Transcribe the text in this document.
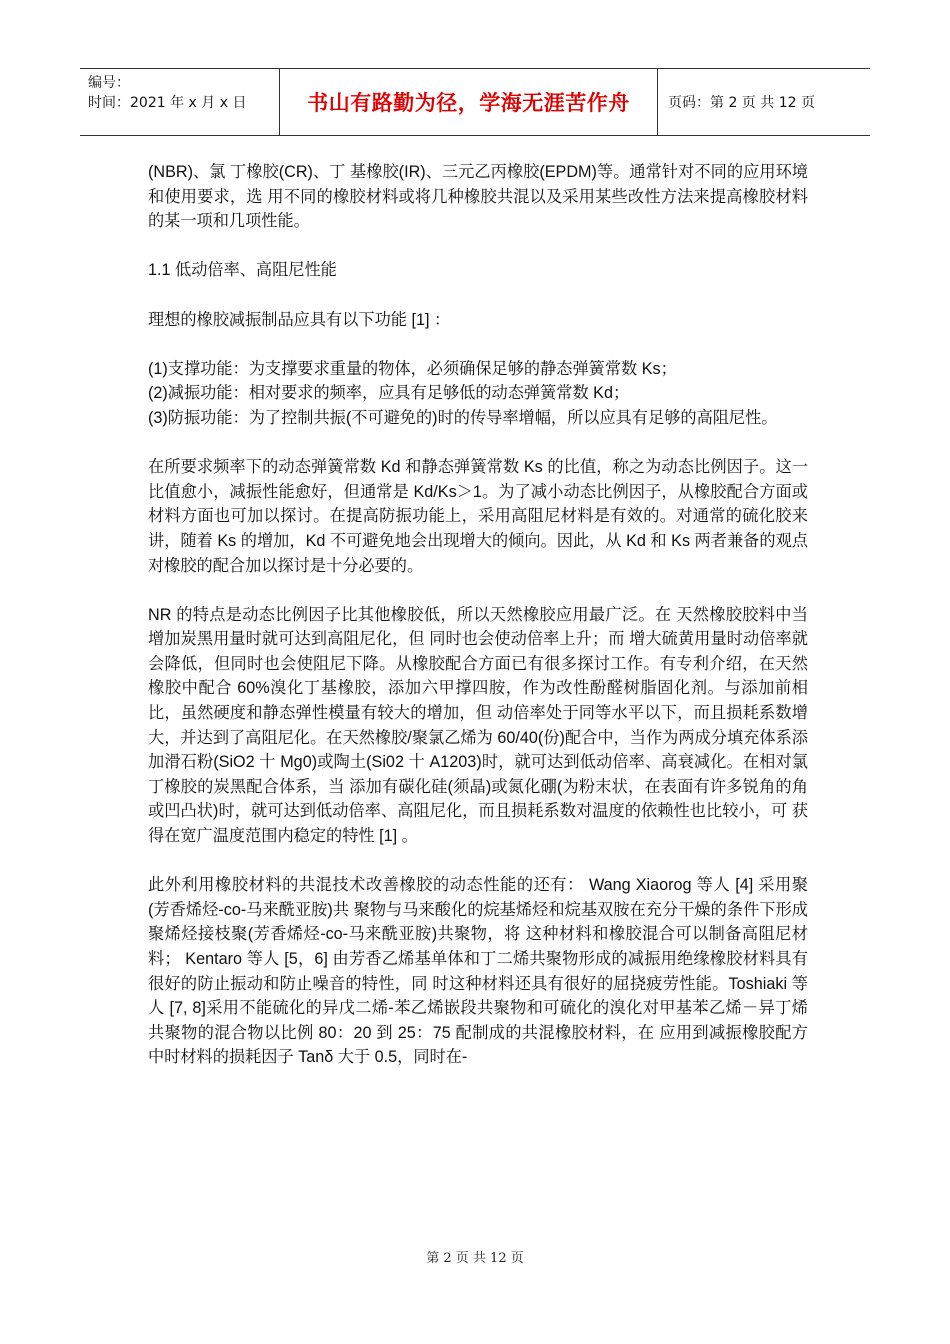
编号：
时间：2021 年 x 月 x 日	书山有路勤为径，学海无涯苦作舟	页码：第 2 页 共 12 页

(NBR)、氯 丁橡胶(CR)、丁 基橡胶(IR)、三元乙丙橡胶(EPDM)等。通常针对不同的应用环境和使用要求，选 用不同的橡胶材料或将几种橡胶共混以及采用某些改性方法来提高橡胶材料的某一项和几项性能。

1.1 低动倍率、高阻尼性能

理想的橡胶减振制品应具有以下功能 [1] ：

(1)支撑功能：为支撑要求重量的物体，必须确保足够的静态弹簧常数 Ks；

(2)减振功能：相对要求的频率，应具有足够低的动态弹簧常数 Kd；

(3)防振功能：为了控制共振(不可避免的)时的传导率增幅，所以应具有足够的高阻尼性。

在所要求频率下的动态弹簧常数 Kd 和静态弹簧常数 Ks 的比值，称之为动态比例因子。这一比值愈小，减振性能愈好，但通常是 Kd/Ks＞1。为了减小动态比例因子，从橡胶配合方面或材料方面也可加以探讨。在提高防振功能上，采用高阻尼材料是有效的。对通常的硫化胶来讲，随着 Ks 的增加，Kd 不可避免地会出现增大的倾向。因此，从 Kd 和 Ks 两者兼备的观点对橡胶的配合加以探讨是十分必要的。

NR 的特点是动态比例因子比其他橡胶低，所以天然橡胶应用最广泛。在 天然橡胶胶料中当增加炭黑用量时就可达到高阻尼化，但 同时也会使动倍率上升；而 增大硫黄用量时动倍率就会降低，但同时也会使阻尼下降。从橡胶配合方面已有很多探讨工作。有专利介绍，在天然橡胶中配合 60%溴化丁基橡胶，添加六甲撑四胺，作为改性酚醛树脂固化剂。与添加前相比，虽然硬度和静态弹性模量有较大的增加，但 动倍率处于同等水平以下，而且损耗系数增大，并达到了高阻尼化。在天然橡胶/聚氯乙烯为 60/40(份)配合中，当作为两成分填充体系添加滑石粉(SiO2 十 Mg0)或陶土(Si02 十 A1203)时，就可达到低动倍率、高衰减化。在相对氯丁橡胶的炭黑配合体系，当 添加有碳化硅(须晶)或氮化硼(为粉末状，在表面有许多锐角的角或凹凸状)时，就可达到低动倍率、高阻尼化，而且损耗系数对温度的依赖性也比较小，可 获得在宽广温度范围内稳定的特性 [1] 。

此外利用橡胶材料的共混技术改善橡胶的动态性能的还有： Wang Xiaorog 等人 [4] 采用聚(芳香烯烃-co-马来酰亚胺)共 聚物与马来酸化的烷基烯烃和烷基双胺在充分干燥的条件下形成聚烯烃接枝聚(芳香烯烃-co-马来酰亚胺)共聚物，将 这种材料和橡胶混合可以制备高阻尼材料； Kentaro 等人 [5，6] 由芳香乙烯基单体和丁二烯共聚物形成的减振用绝缘橡胶材料具有很好的防止振动和防止噪音的特性，同 时这种材料还具有很好的屈挠疲劳性能。Toshiaki 等人 [7, 8]采用不能硫化的异戊二烯-苯乙烯嵌段共聚物和可硫化的溴化对甲基苯乙烯－异丁烯共聚物的混合物以比例 80：20 到 25：75 配制成的共混橡胶材料，在 应用到减振橡胶配方中时材料的损耗因子 Tanδ 大于 0.5，同时在-

第 2 页 共 12 页
